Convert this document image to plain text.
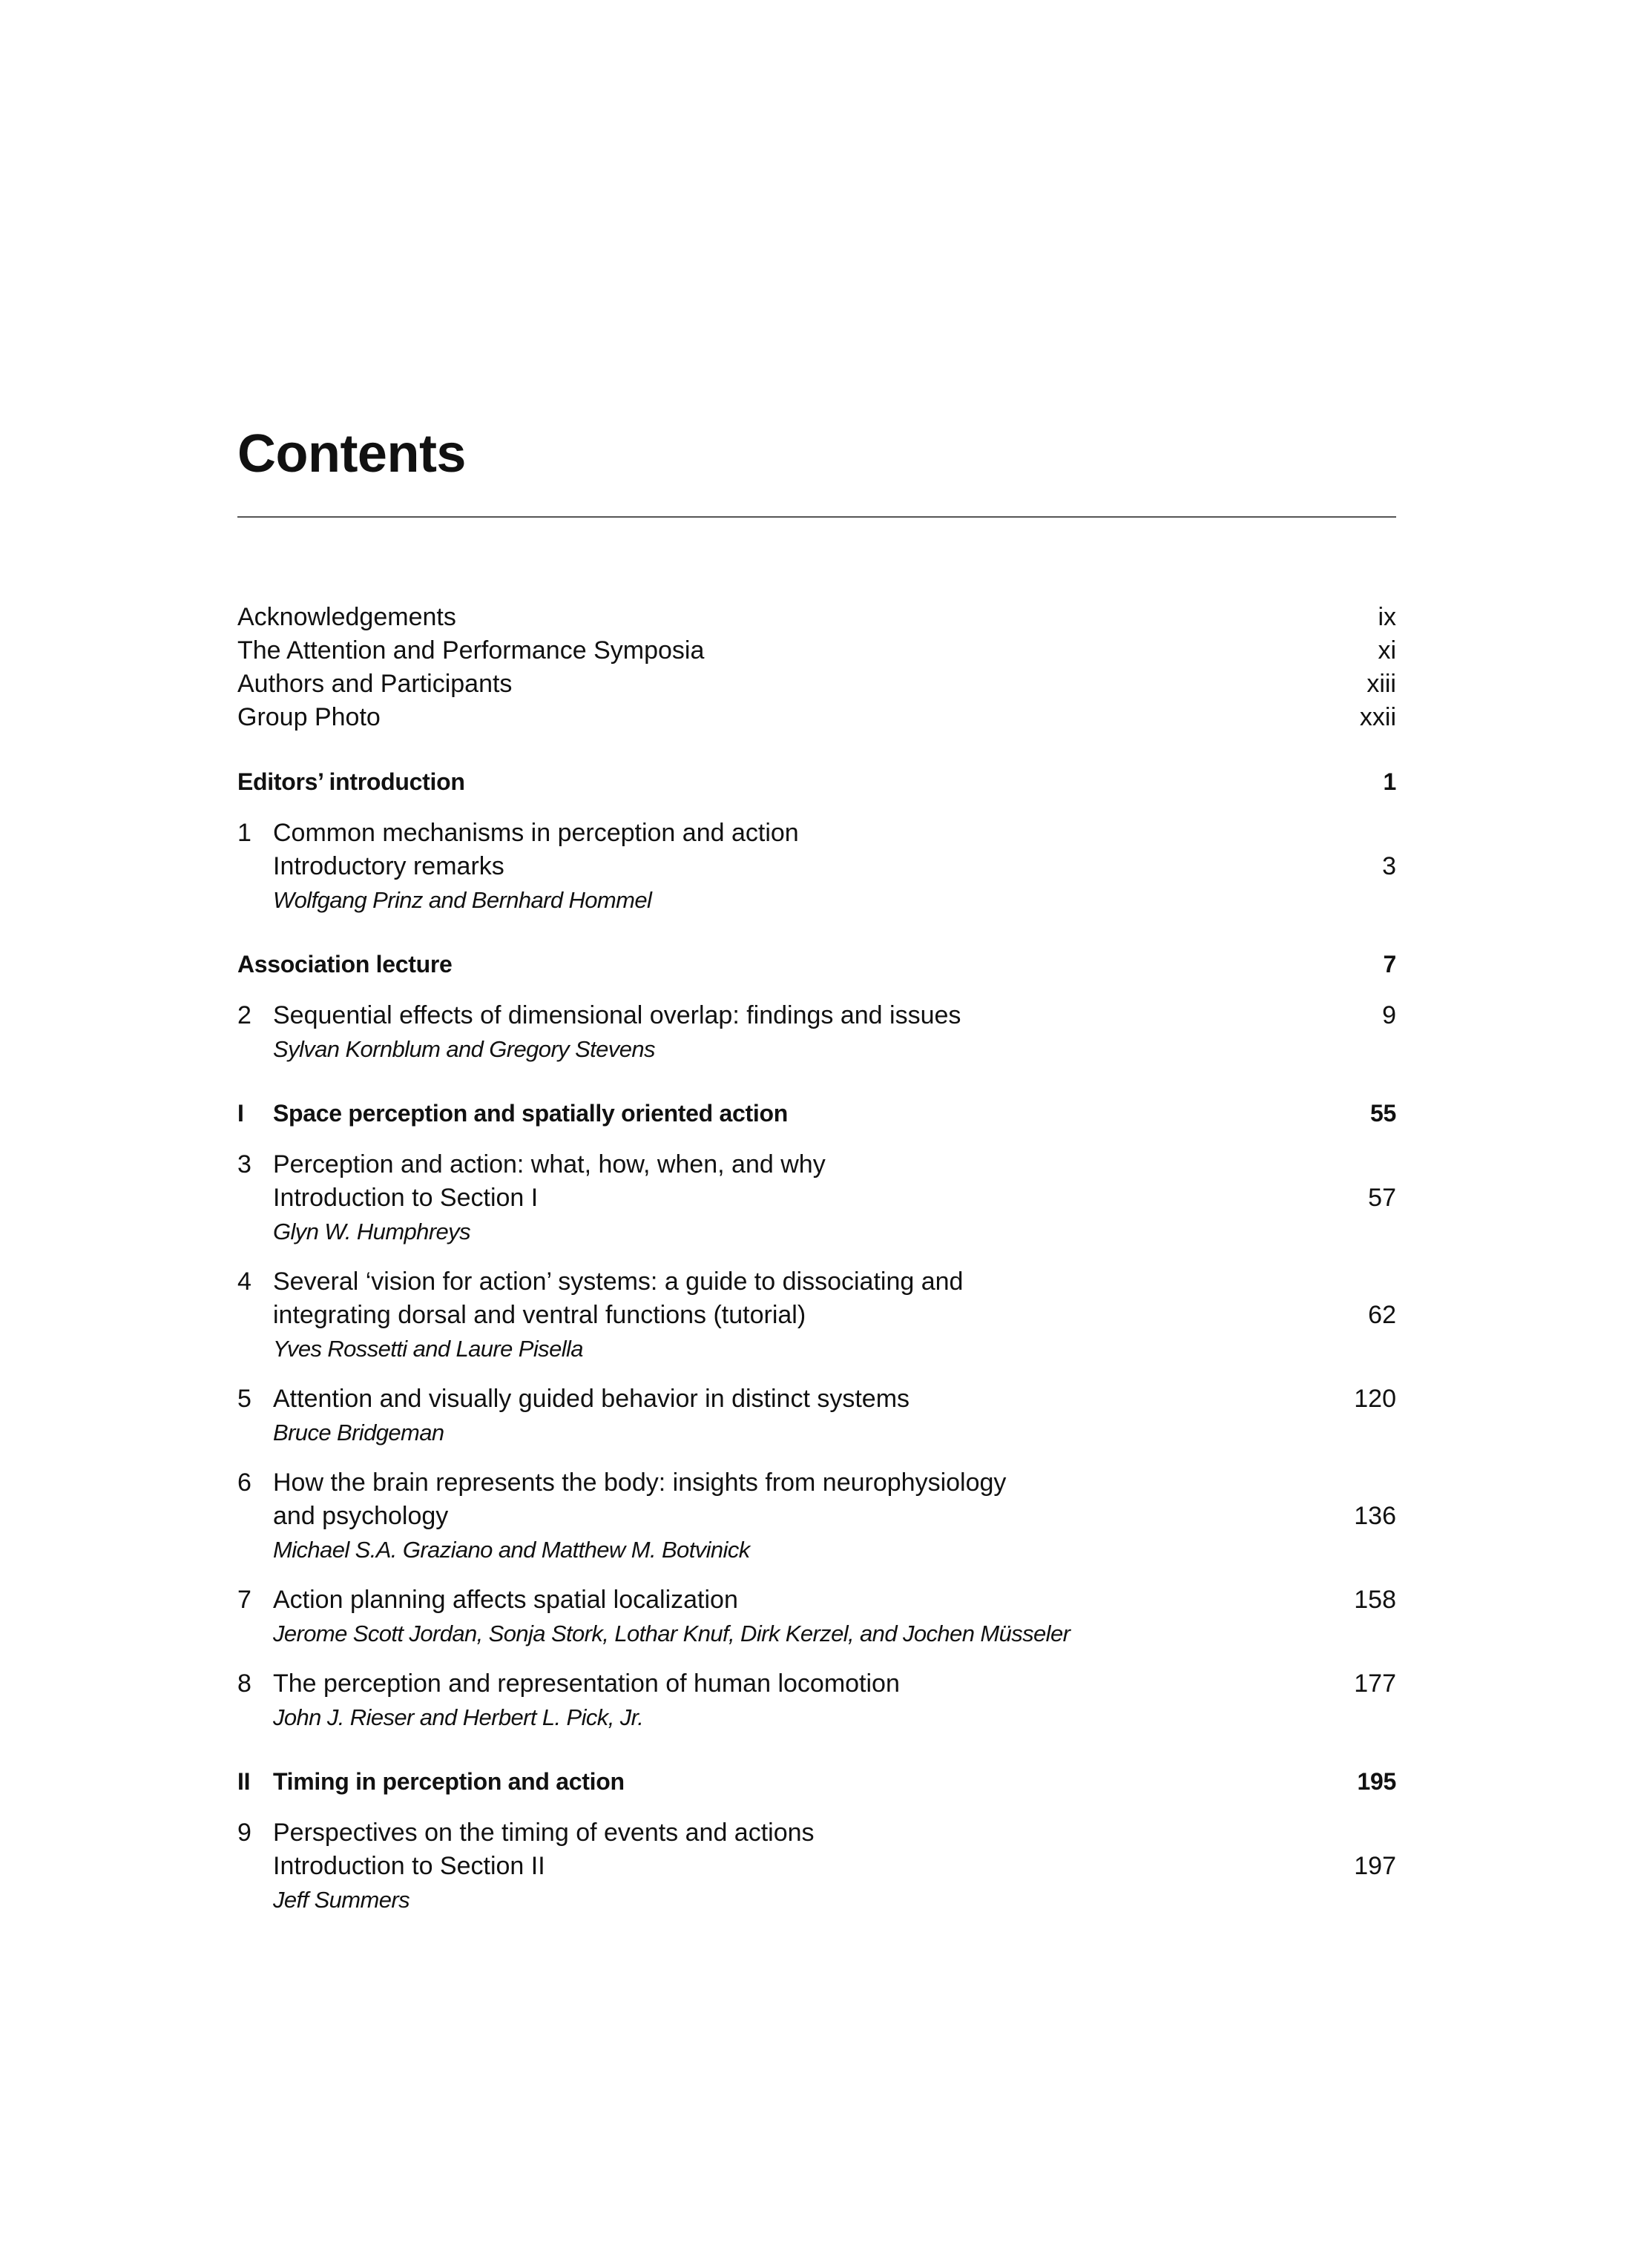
Contents
Acknowledgements	ix
The Attention and Performance Symposia	xi
Authors and Participants	xiii
Group Photo	xxii
Editors’ introduction	1
1 Common mechanisms in perception and action
Introductory remarks	3
Wolfgang Prinz and Bernhard Hommel
Association lecture	7
2 Sequential effects of dimensional overlap: findings and issues	9
Sylvan Kornblum and Gregory Stevens
I	Space perception and spatially oriented action	55
3 Perception and action: what, how, when, and why
Introduction to Section I	57
Glyn W. Humphreys
4 Several ‘vision for action’ systems: a guide to dissociating and
integrating dorsal and ventral functions (tutorial)	62
Yves Rossetti and Laure Pisella
5 Attention and visually guided behavior in distinct systems	120
Bruce Bridgeman
6 How the brain represents the body: insights from neurophysiology
and psychology	136
Michael S.A. Graziano and Matthew M. Botvinick
7 Action planning affects spatial localization	158
Jerome Scott Jordan, Sonja Stork, Lothar Knuf, Dirk Kerzel, and Jochen Müsseler
8 The perception and representation of human locomotion	177
John J. Rieser and Herbert L. Pick, Jr.
II Timing in perception and action	195
9 Perspectives on the timing of events and actions
Introduction to Section II	197
Jeff Summers
